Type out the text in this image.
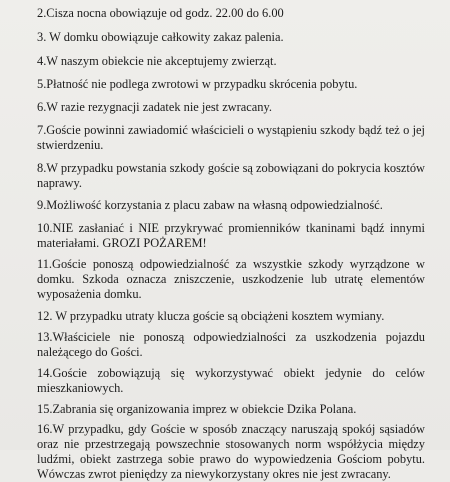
2.Cisza nocna obowiązuje od godz. 22.00 do 6.00
3. W domku obowiązuje całkowity zakaz palenia.
4.W naszym obiekcie nie akceptujemy zwierząt.
5.Płatność nie podlega zwrotowi w przypadku skrócenia pobytu.
6.W razie rezygnacji zadatek nie jest zwracany.
7.Goście powinni zawiadomić właścicieli o wystąpieniu szkody bądź też o jej stwierdzeniu.
8.W przypadku powstania szkody goście są zobowiązani do pokrycia kosztów naprawy.
9.Możliwość korzystania z placu zabaw na własną odpowiedzialność.
10.NIE zasłaniać i NIE przykrywać promienników tkaninami bądź innymi materiałami. GROZI POŻAREM!
11.Goście ponoszą odpowiedzialność za wszystkie szkody wyrządzone w domku. Szkoda oznacza zniszczenie, uszkodzenie lub utratę elementów wyposażenia domku.
12. W przypadku utraty klucza goście są obciążeni kosztem wymiany.
13.Właściciele nie ponoszą odpowiedzialności za uszkodzenia pojazdu należącego do Gości.
14.Goście zobowiązują się wykorzystywać obiekt jedynie do celów mieszkaniowych.
15.Zabrania się organizowania imprez w obiekcie Dzika Polana.
16.W przypadku, gdy Goście w sposób znaczący naruszają spokój sąsiadów oraz nie przestrzegają powszechnie stosowanych norm współżycia między ludźmi, obiekt zastrzega sobie prawo do wypowiedzenia Gościom pobytu. Wówczas zwrot pieniędzy za niewykorzystany okres nie jest zwracany.
